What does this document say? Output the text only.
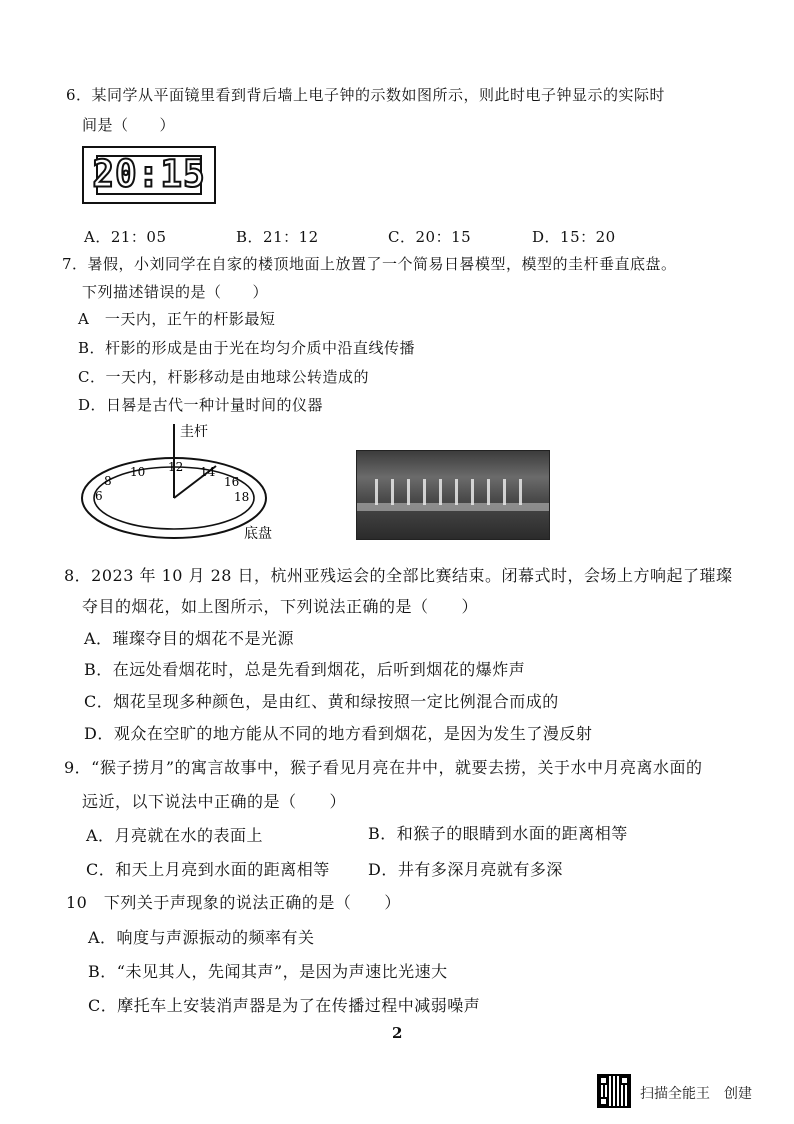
6．某同学从平面镜里看到背后墙上电子钟的示数如图所示，则此时电子钟显示的实际时
间是（　　）
20:15
A．21：05	B．21：12	C．20：15	D．15：20
7．暑假，小刘同学在自家的楼顶地面上放置了一个简易日晷模型，模型的圭杆垂直底盘。
下列描述错误的是（　　）
A　一天内，正午的杆影最短
B．杆影的形成是由于光在均匀介质中沿直线传播
C．一天内，杆影移动是由地球公转造成的
D．日晷是古代一种计量时间的仪器
圭杆
6
8
10 12 14
16
18
底盘
8．2023 年 10 月 28 日，杭州亚残运会的全部比赛结束。闭幕式时，会场上方响起了璀璨
夺目的烟花，如上图所示，下列说法正确的是（　　）
A．璀璨夺目的烟花不是光源
B．在远处看烟花时，总是先看到烟花，后听到烟花的爆炸声
C．烟花呈现多种颜色，是由红、黄和绿按照一定比例混合而成的
D．观众在空旷的地方能从不同的地方看到烟花，是因为发生了漫反射
9．“猴子捞月”的寓言故事中，猴子看见月亮在井中，就要去捞，关于水中月亮离水面的
远近，以下说法中正确的是（　　）
A．月亮就在水的表面上	B．和猴子的眼睛到水面的距离相等
C．和天上月亮到水面的距离相等 D．井有多深月亮就有多深
10　下列关于声现象的说法正确的是（　　）
A．响度与声源振动的频率有关
B．“未见其人，先闻其声”，是因为声速比光速大
C．摩托车上安装消声器是为了在传播过程中减弱噪声
2
扫描全能王　创建
